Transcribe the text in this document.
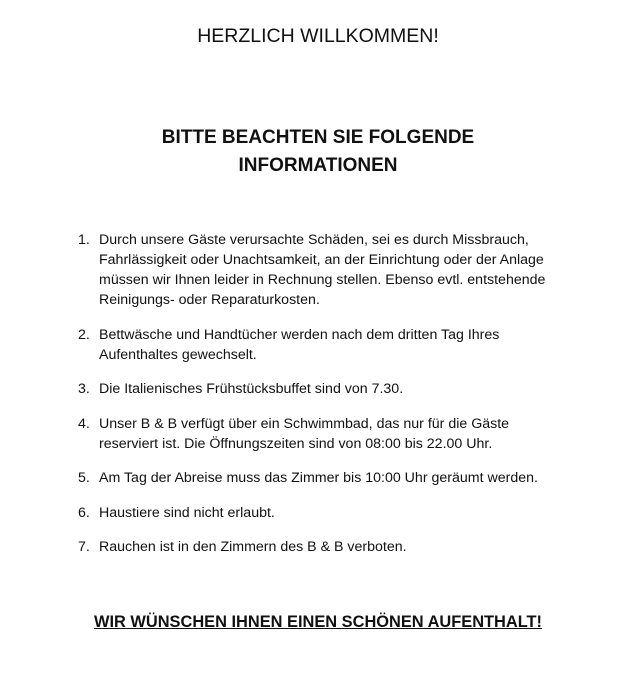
HERZLICH WILLKOMMEN!
BITTE BEACHTEN SIE FOLGENDE
INFORMATIONEN
1. Durch unsere Gäste verursachte Schäden, sei es durch Missbrauch,
Fahrlässigkeit oder Unachtsamkeit, an der Einrichtung oder der Anlage
müssen wir Ihnen leider in Rechnung stellen. Ebenso evtl. entstehende
Reinigungs- oder Reparaturkosten.
2. Bettwäsche und Handtücher werden nach dem dritten Tag Ihres
Aufenthaltes gewechselt.
3. Die Italienisches Frühstücksbuffet sind von 7.30.
4. Unser B & B verfügt über ein Schwimmbad, das nur für die Gäste
reserviert ist. Die Öffnungszeiten sind von 08:00 bis 22.00 Uhr.
5. Am Tag der Abreise muss das Zimmer bis 10:00 Uhr geräumt werden.
6. Haustiere sind nicht erlaubt.
7. Rauchen ist in den Zimmern des B & B verboten.
WIR WÜNSCHEN IHNEN EINEN SCHÖNEN AUFENTHALT!
